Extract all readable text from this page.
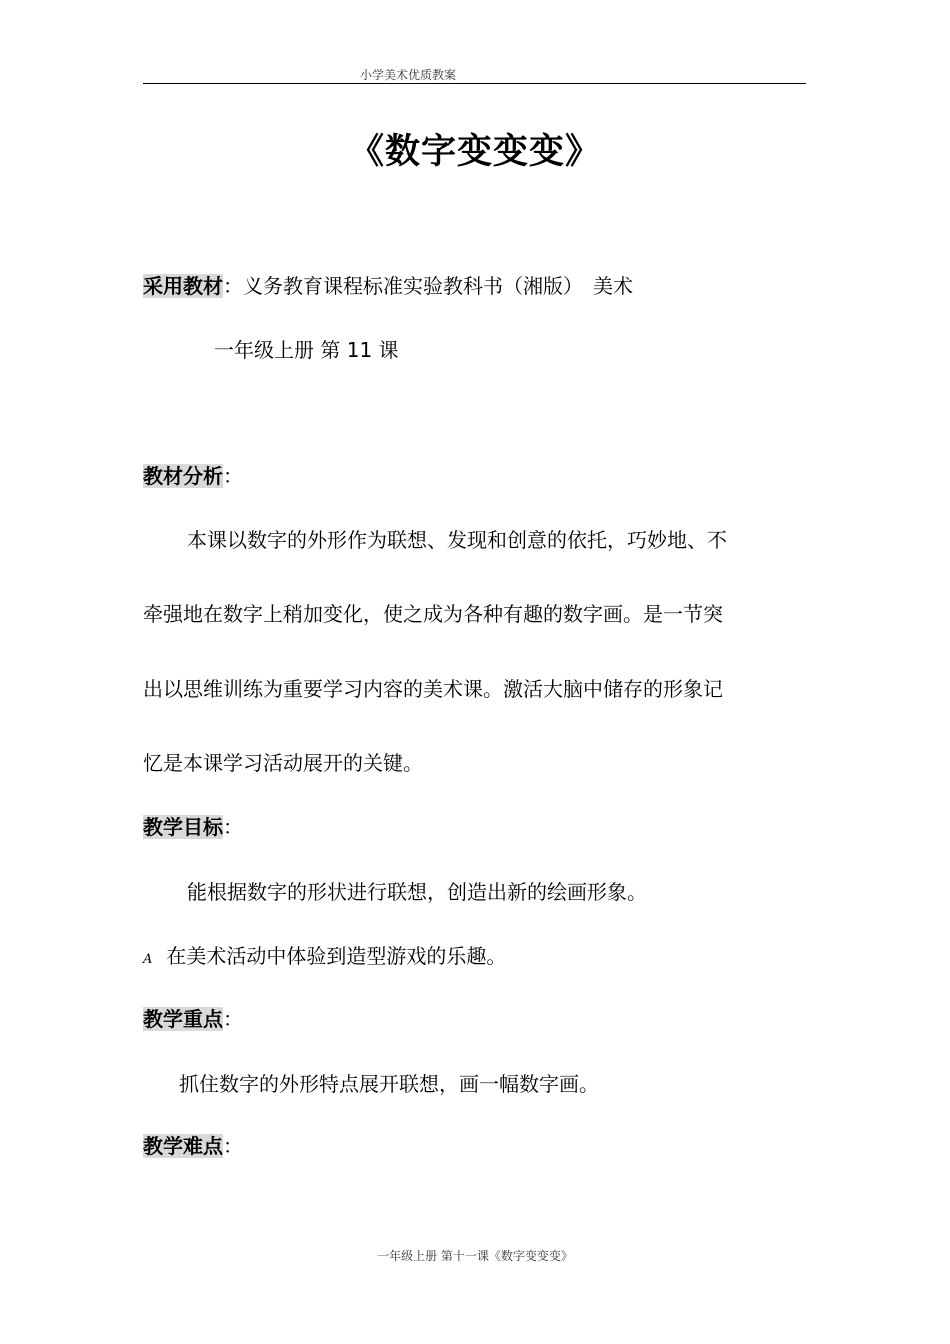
小学美术优质教案
《数字变变变》
采用教材：义务教育课程标准实验教科书（湘版）　美术
一年级上册 第 11 课
教材分析：
本课以数字的外形作为联想、发现和创意的依托，巧妙地、不
牵强地在数字上稍加变化，使之成为各种有趣的数字画。是一节突
出以思维训练为重要学习内容的美术课。激活大脑中储存的形象记
忆是本课学习活动展开的关键。
教学目标：
能根据数字的形状进行联想，创造出新的绘画形象。
A 在美术活动中体验到造型游戏的乐趣。
教学重点：
抓住数字的外形特点展开联想，画一幅数字画。
教学难点：
一年级上册 第十一课《数字变变变》
